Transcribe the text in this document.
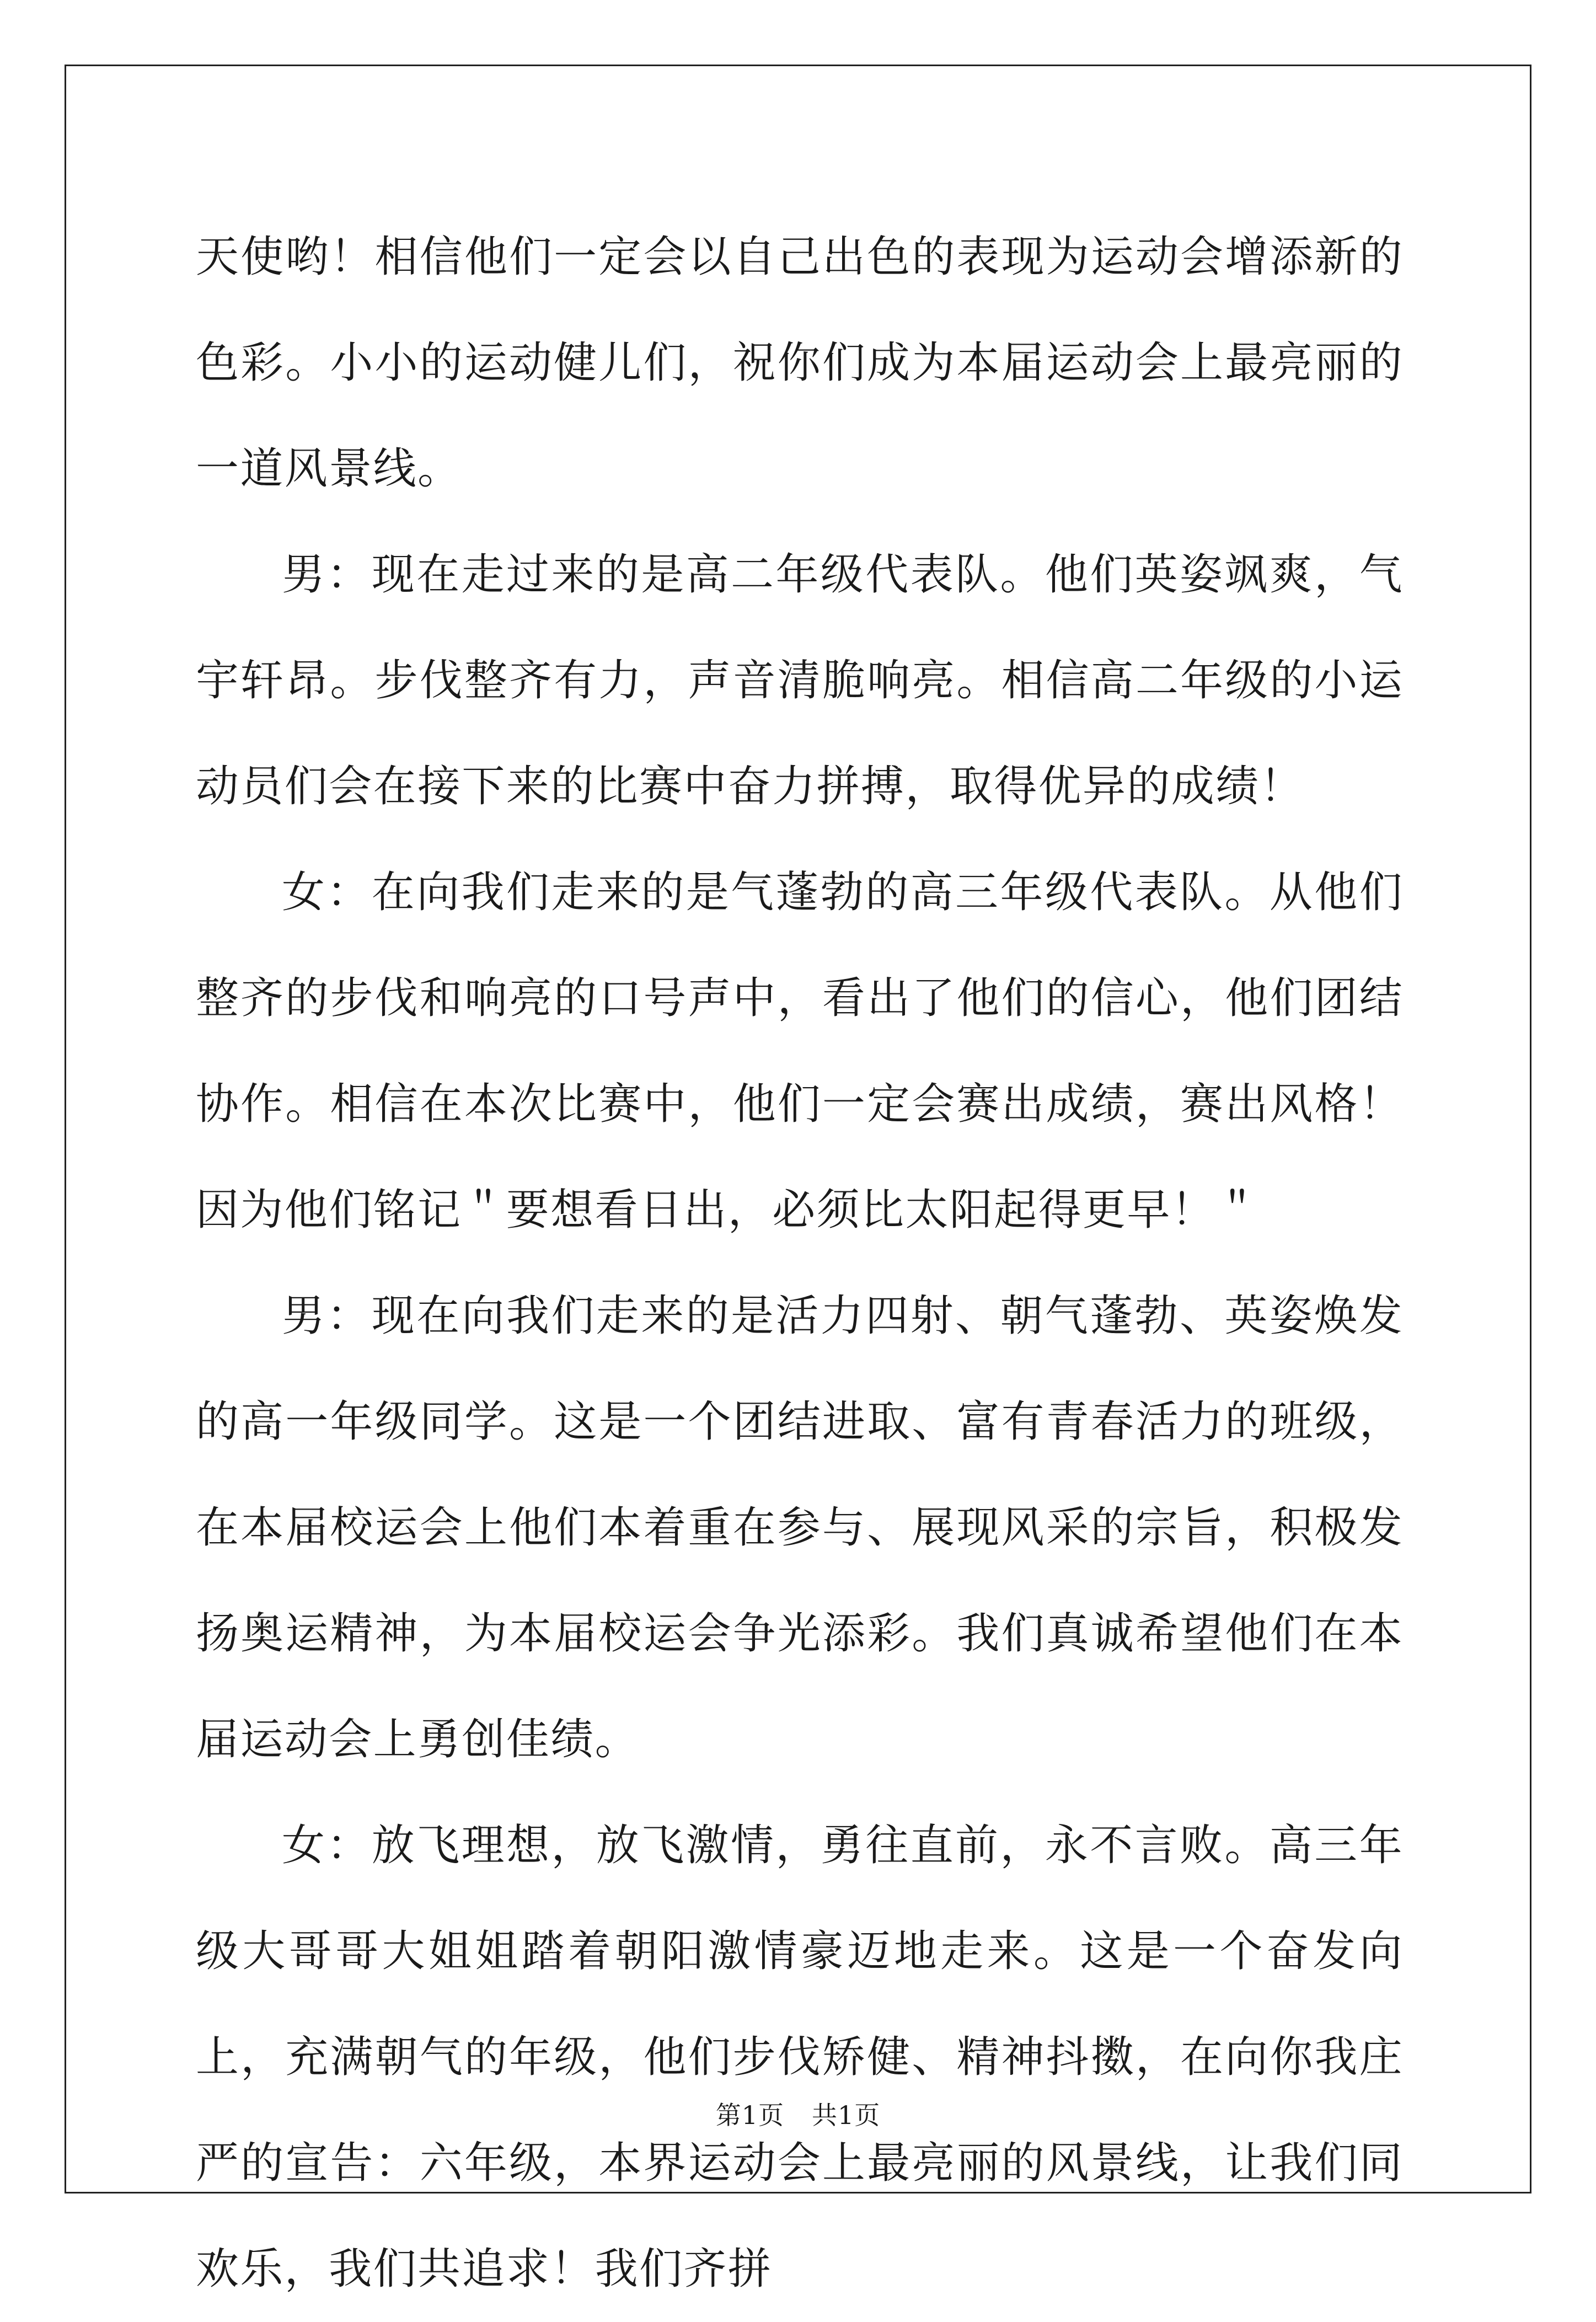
天使哟！相信他们一定会以自己出色的表现为运动会增添新的色彩。小小的运动健儿们，祝你们成为本届运动会上最亮丽的一道风景线。

男：现在走过来的是高二年级代表队。他们英姿飒爽，气宇轩昂。步伐整齐有力，声音清脆响亮。相信高二年级的小运动员们会在接下来的比赛中奋力拼搏，取得优异的成绩！

女：在向我们走来的是气蓬勃的高三年级代表队。从他们整齐的步伐和响亮的口号声中，看出了他们的信心，他们团结协作。相信在本次比赛中，他们一定会赛出成绩，赛出风格！因为他们铭记＂要想看日出，必须比太阳起得更早！＂

男：现在向我们走来的是活力四射、朝气蓬勃、英姿焕发的高一年级同学。这是一个团结进取、富有青春活力的班级，在本届校运会上他们本着重在参与、展现风采的宗旨，积极发扬奥运精神，为本届校运会争光添彩。我们真诚希望他们在本届运动会上勇创佳绩。

女：放飞理想，放飞激情，勇往直前，永不言败。高三年级大哥哥大姐姐踏着朝阳激情豪迈地走来。这是一个奋发向上，充满朝气的年级，他们步伐矫健、精神抖擞，在向你我庄严的宣告：六年级，本界运动会上最亮丽的风景线，让我们同欢乐，我们共追求！我们齐拼

第1页 共1页
